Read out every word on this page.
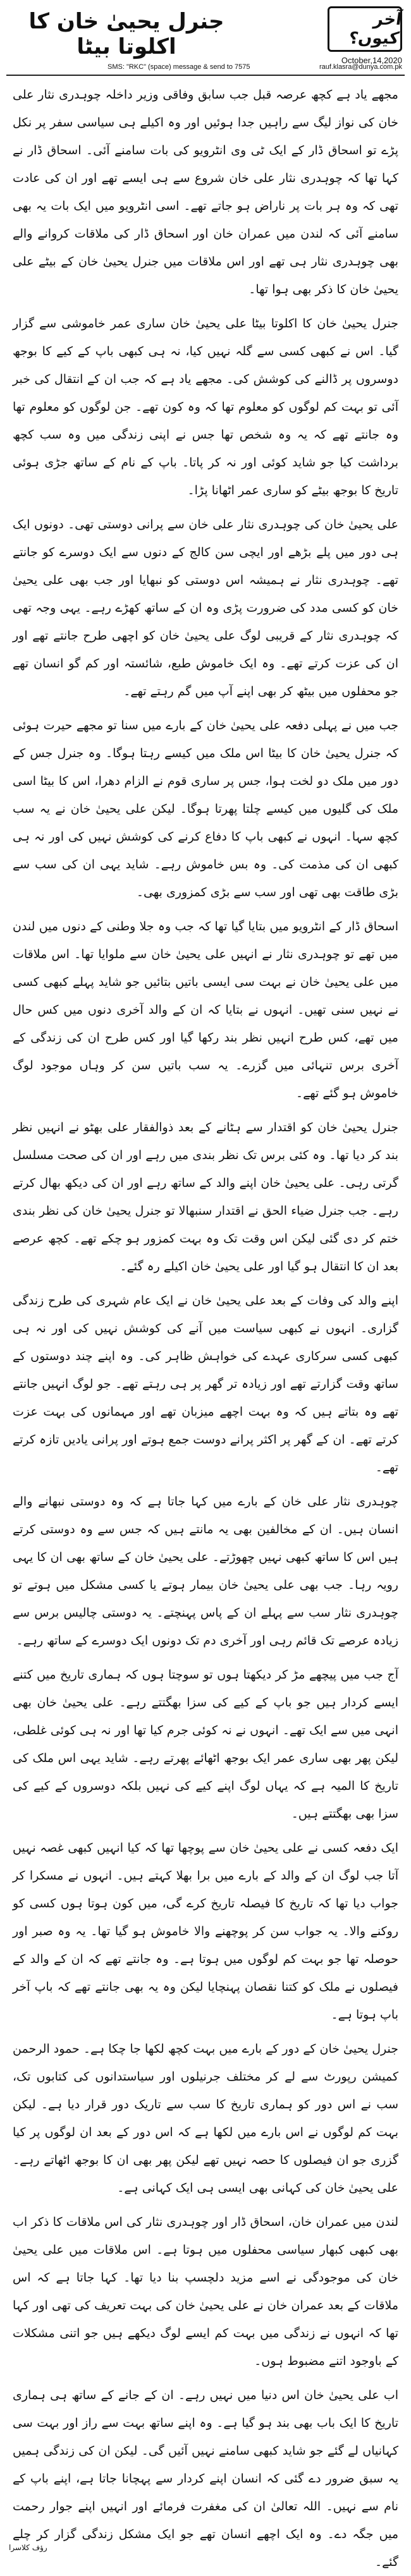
جنرل یحییٰ خان کا اکلوتا بیٹا
آخر کیوں؟
October,14,2020
SMS: "RKC" (space) message & send to 7575	rauf.klasra@dunya.com.pk

مجھے یاد ہے کچھ عرصہ قبل جب سابق وفاقی وزیر داخلہ چوہدری نثار علی خان کی نواز لیگ سے راہیں جدا ہوئیں اور وہ اکیلے ہی سیاسی سفر پر نکل پڑے تو اسحاق ڈار کے ایک ٹی وی انٹرویو کی بات سامنے آئی۔ اسحاق ڈار نے کہا تھا کہ چوہدری نثار علی خان شروع سے ہی ایسے تھے اور ان کی عادت تھی کہ وہ ہر بات پر ناراض ہو جاتے تھے۔ اسی انٹرویو میں ایک بات یہ بھی سامنے آئی کہ لندن میں عمران خان اور اسحاق ڈار کی ملاقات کروانے والے بھی چوہدری نثار ہی تھے اور اس ملاقات میں جنرل یحییٰ خان کے بیٹے علی یحییٰ خان کا ذکر بھی ہوا تھا۔

جنرل یحییٰ خان کا اکلوتا بیٹا علی یحییٰ خان ساری عمر خاموشی سے گزار گیا۔ اس نے کبھی کسی سے گلہ نہیں کیا، نہ ہی کبھی باپ کے کیے کا بوجھ دوسروں پر ڈالنے کی کوشش کی۔ مجھے یاد ہے کہ جب ان کے انتقال کی خبر آئی تو بہت کم لوگوں کو معلوم تھا کہ وہ کون تھے۔ جن لوگوں کو معلوم تھا وہ جانتے تھے کہ یہ وہ شخص تھا جس نے اپنی زندگی میں وہ سب کچھ برداشت کیا جو شاید کوئی اور نہ کر پاتا۔ باپ کے نام کے ساتھ جڑی ہوئی تاریخ کا بوجھ بیٹے کو ساری عمر اٹھانا پڑا۔

علی یحییٰ خان کی چوہدری نثار علی خان سے پرانی دوستی تھی۔ دونوں ایک ہی دور میں پلے بڑھے اور ایچی سن کالج کے دنوں سے ایک دوسرے کو جانتے تھے۔ چوہدری نثار نے ہمیشہ اس دوستی کو نبھایا اور جب بھی علی یحییٰ خان کو کسی مدد کی ضرورت پڑی وہ ان کے ساتھ کھڑے رہے۔ یہی وجہ تھی کہ چوہدری نثار کے قریبی لوگ علی یحییٰ خان کو اچھی طرح جانتے تھے اور ان کی عزت کرتے تھے۔ وہ ایک خاموش طبع، شائستہ اور کم گو انسان تھے جو محفلوں میں بیٹھ کر بھی اپنے آپ میں گم رہتے تھے۔

جب میں نے پہلی دفعہ علی یحییٰ خان کے بارے میں سنا تو مجھے حیرت ہوئی کہ جنرل یحییٰ خان کا بیٹا اس ملک میں کیسے رہتا ہوگا۔ وہ جنرل جس کے دور میں ملک دو لخت ہوا، جس پر ساری قوم نے الزام دھرا، اس کا بیٹا اسی ملک کی گلیوں میں کیسے چلتا پھرتا ہوگا۔ لیکن علی یحییٰ خان نے یہ سب کچھ سہا۔ انہوں نے کبھی باپ کا دفاع کرنے کی کوشش نہیں کی اور نہ ہی کبھی ان کی مذمت کی۔ وہ بس خاموش رہے۔ شاید یہی ان کی سب سے بڑی طاقت بھی تھی اور سب سے بڑی کمزوری بھی۔

اسحاق ڈار کے انٹرویو میں بتایا گیا تھا کہ جب وہ جلا وطنی کے دنوں میں لندن میں تھے تو چوہدری نثار نے انہیں علی یحییٰ خان سے ملوایا تھا۔ اس ملاقات میں علی یحییٰ خان نے بہت سی ایسی باتیں بتائیں جو شاید پہلے کبھی کسی نے نہیں سنی تھیں۔ انہوں نے بتایا کہ ان کے والد آخری دنوں میں کس حال میں تھے، کس طرح انہیں نظر بند رکھا گیا اور کس طرح ان کی زندگی کے آخری برس تنہائی میں گزرے۔ یہ سب باتیں سن کر وہاں موجود لوگ خاموش ہو گئے تھے۔

جنرل یحییٰ خان کو اقتدار سے ہٹانے کے بعد ذوالفقار علی بھٹو نے انہیں نظر بند کر دیا تھا۔ وہ کئی برس تک نظر بندی میں رہے اور ان کی صحت مسلسل گرتی رہی۔ علی یحییٰ خان اپنے والد کے ساتھ رہے اور ان کی دیکھ بھال کرتے رہے۔ جب جنرل ضیاء الحق نے اقتدار سنبھالا تو جنرل یحییٰ خان کی نظر بندی ختم کر دی گئی لیکن اس وقت تک وہ بہت کمزور ہو چکے تھے۔ کچھ عرصے بعد ان کا انتقال ہو گیا اور علی یحییٰ خان اکیلے رہ گئے۔

اپنے والد کی وفات کے بعد علی یحییٰ خان نے ایک عام شہری کی طرح زندگی گزاری۔ انہوں نے کبھی سیاست میں آنے کی کوشش نہیں کی اور نہ ہی کبھی کسی سرکاری عہدے کی خواہش ظاہر کی۔ وہ اپنے چند دوستوں کے ساتھ وقت گزارتے تھے اور زیادہ تر گھر پر ہی رہتے تھے۔ جو لوگ انہیں جانتے تھے وہ بتاتے ہیں کہ وہ بہت اچھے میزبان تھے اور مہمانوں کی بہت عزت کرتے تھے۔ ان کے گھر پر اکثر پرانے دوست جمع ہوتے اور پرانی یادیں تازہ کرتے تھے۔

چوہدری نثار علی خان کے بارے میں کہا جاتا ہے کہ وہ دوستی نبھانے والے انسان ہیں۔ ان کے مخالفین بھی یہ مانتے ہیں کہ جس سے وہ دوستی کرتے ہیں اس کا ساتھ کبھی نہیں چھوڑتے۔ علی یحییٰ خان کے ساتھ بھی ان کا یہی رویہ رہا۔ جب بھی علی یحییٰ خان بیمار ہوتے یا کسی مشکل میں ہوتے تو چوہدری نثار سب سے پہلے ان کے پاس پہنچتے۔ یہ دوستی چالیس برس سے زیادہ عرصے تک قائم رہی اور آخری دم تک دونوں ایک دوسرے کے ساتھ رہے۔

آج جب میں پیچھے مڑ کر دیکھتا ہوں تو سوچتا ہوں کہ ہماری تاریخ میں کتنے ایسے کردار ہیں جو باپ کے کیے کی سزا بھگتتے رہے۔ علی یحییٰ خان بھی انہی میں سے ایک تھے۔ انہوں نے نہ کوئی جرم کیا تھا اور نہ ہی کوئی غلطی، لیکن پھر بھی ساری عمر ایک بوجھ اٹھائے پھرتے رہے۔ شاید یہی اس ملک کی تاریخ کا المیہ ہے کہ یہاں لوگ اپنے کیے کی نہیں بلکہ دوسروں کے کیے کی سزا بھی بھگتتے ہیں۔

ایک دفعہ کسی نے علی یحییٰ خان سے پوچھا تھا کہ کیا انہیں کبھی غصہ نہیں آتا جب لوگ ان کے والد کے بارے میں برا بھلا کہتے ہیں۔ انہوں نے مسکرا کر جواب دیا تھا کہ تاریخ کا فیصلہ تاریخ کرے گی، میں کون ہوتا ہوں کسی کو روکنے والا۔ یہ جواب سن کر پوچھنے والا خاموش ہو گیا تھا۔ یہ وہ صبر اور حوصلہ تھا جو بہت کم لوگوں میں ہوتا ہے۔ وہ جانتے تھے کہ ان کے والد کے فیصلوں نے ملک کو کتنا نقصان پہنچایا لیکن وہ یہ بھی جانتے تھے کہ باپ آخر باپ ہوتا ہے۔

جنرل یحییٰ خان کے دور کے بارے میں بہت کچھ لکھا جا چکا ہے۔ حمود الرحمن کمیشن رپورٹ سے لے کر مختلف جرنیلوں اور سیاستدانوں کی کتابوں تک، سب نے اس دور کو ہماری تاریخ کا سب سے تاریک دور قرار دیا ہے۔ لیکن بہت کم لوگوں نے اس بارے میں لکھا ہے کہ اس دور کے بعد ان لوگوں پر کیا گزری جو ان فیصلوں کا حصہ نہیں تھے لیکن پھر بھی ان کا بوجھ اٹھاتے رہے۔ علی یحییٰ خان کی کہانی بھی ایسی ہی ایک کہانی ہے۔

لندن میں عمران خان، اسحاق ڈار اور چوہدری نثار کی اس ملاقات کا ذکر اب بھی کبھی کبھار سیاسی محفلوں میں ہوتا ہے۔ اس ملاقات میں علی یحییٰ خان کی موجودگی نے اسے مزید دلچسپ بنا دیا تھا۔ کہا جاتا ہے کہ اس ملاقات کے بعد عمران خان نے علی یحییٰ خان کی بہت تعریف کی تھی اور کہا تھا کہ انہوں نے زندگی میں بہت کم ایسے لوگ دیکھے ہیں جو اتنی مشکلات کے باوجود اتنے مضبوط ہوں۔

اب علی یحییٰ خان اس دنیا میں نہیں رہے۔ ان کے جانے کے ساتھ ہی ہماری تاریخ کا ایک باب بھی بند ہو گیا ہے۔ وہ اپنے ساتھ بہت سے راز اور بہت سی کہانیاں لے گئے جو شاید کبھی سامنے نہیں آئیں گی۔ لیکن ان کی زندگی ہمیں یہ سبق ضرور دے گئی کہ انسان اپنے کردار سے پہچانا جاتا ہے، اپنے باپ کے نام سے نہیں۔ اللہ تعالیٰ ان کی مغفرت فرمائے اور انہیں اپنے جوار رحمت میں جگہ دے۔ وہ ایک اچھے انسان تھے جو ایک مشکل زندگی گزار کر چلے گئے۔

رؤف کلاسرا
